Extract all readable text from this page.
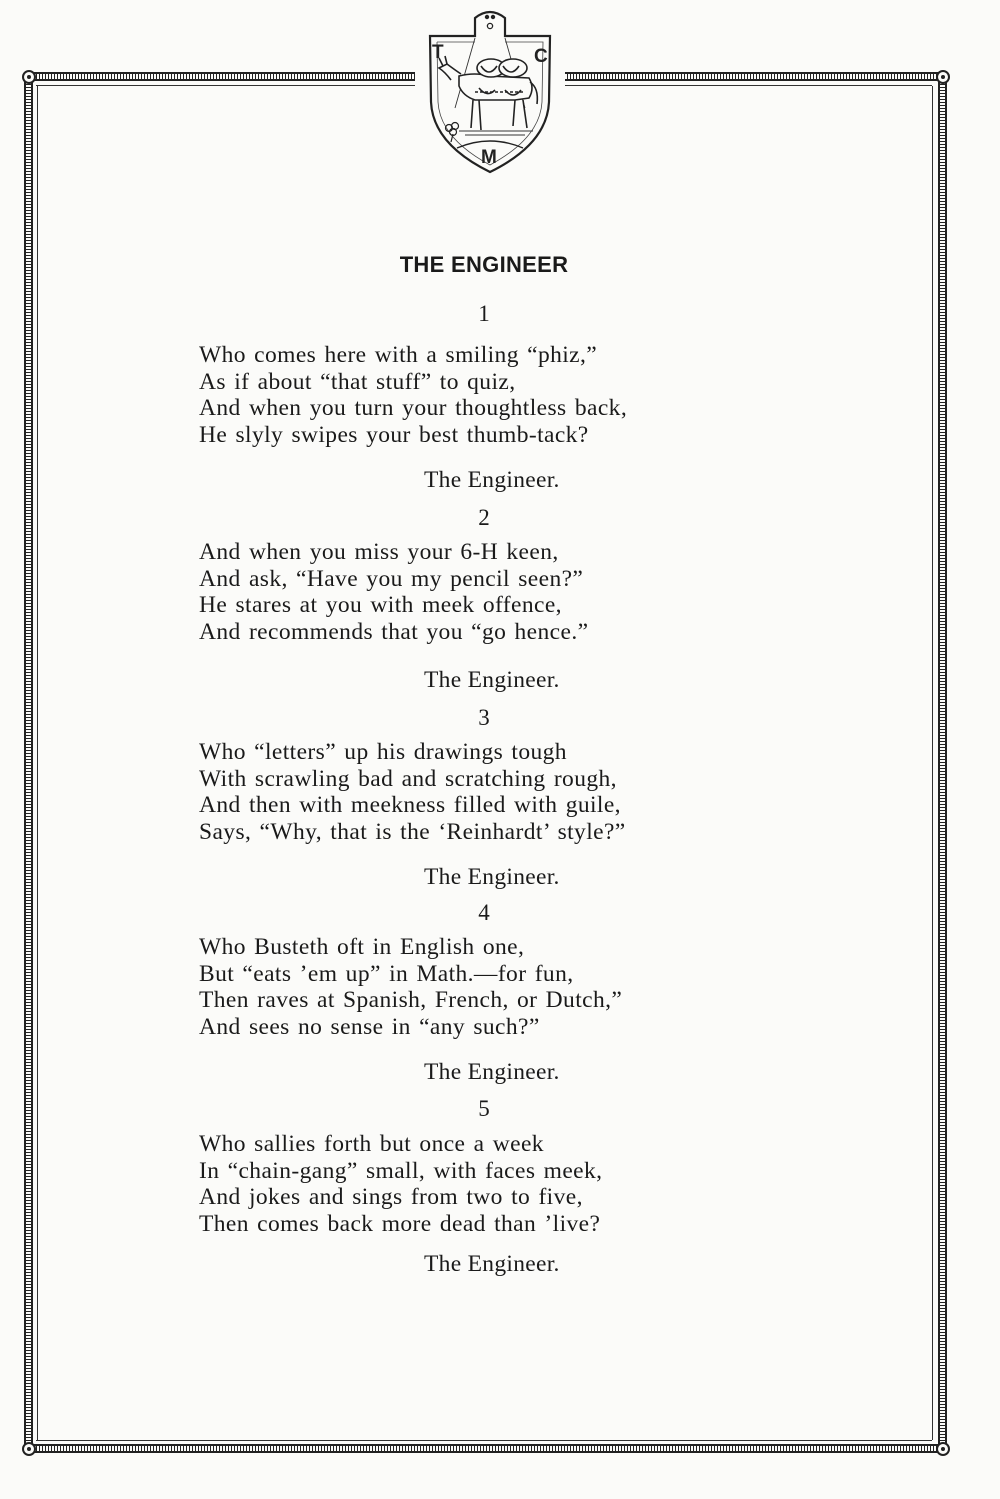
T	C
M
THE ENGINEER
1
Who comes here with a smiling “phiz,”
As if about “that stuff” to quiz,
And when you turn your thoughtless back,
He slyly swipes your best thumb-tack?
The Engineer.
2
And when you miss your 6-H keen,
And ask, “Have you my pencil seen?”
He stares at you with meek offence,
And recommends that you “go hence.”
The Engineer.
3
Who “letters” up his drawings tough
With scrawling bad and scratching rough,
And then with meekness filled with guile,
Says, “Why, that is the ‘Reinhardt’ style?”
The Engineer.
4
Who Busteth oft in English one,
But “eats ’em up” in Math.—for fun,
Then raves at Spanish, French, or Dutch,”
And sees no sense in “any such?”
The Engineer.
5
Who sallies forth but once a week
In “chain-gang” small, with faces meek,
And jokes and sings from two to five,
Then comes back more dead than ’live?
The Engineer.
